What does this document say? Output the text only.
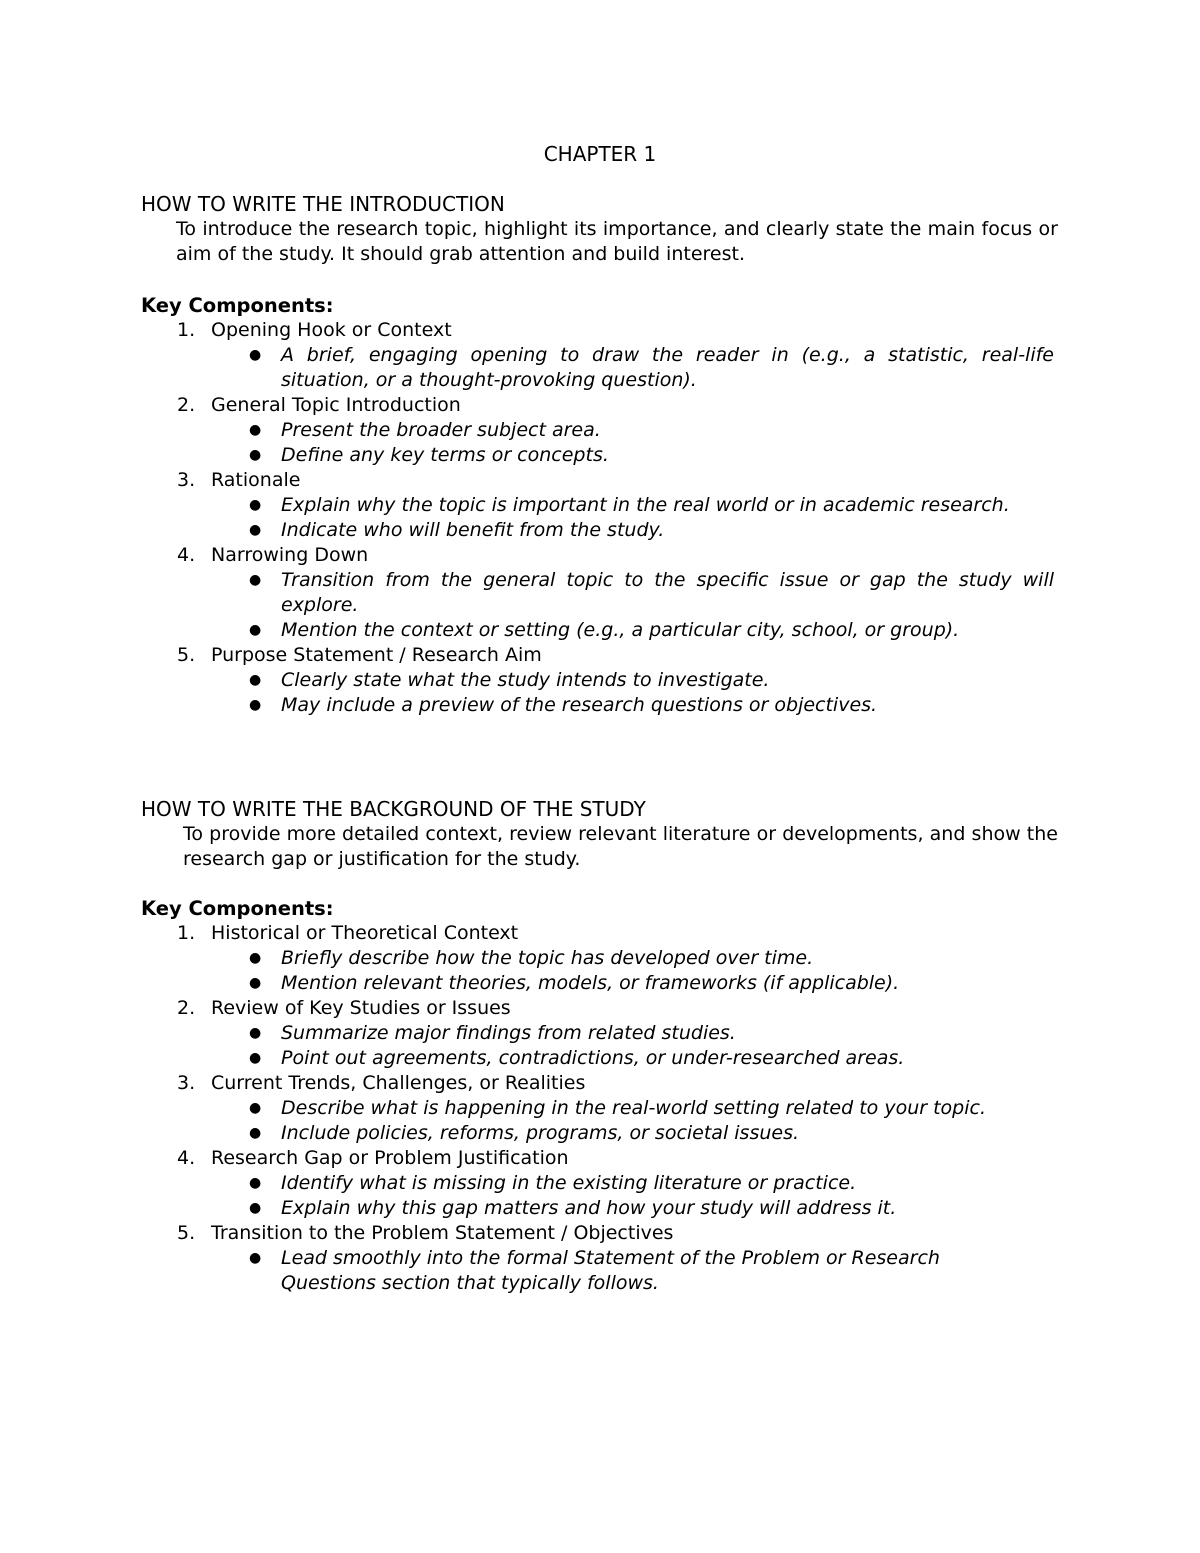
CHAPTER 1
HOW TO WRITE THE INTRODUCTION

To introduce the research topic, highlight its importance, and clearly state the main focus or aim of the study. It should grab attention and build interest.

Key Components:

1. Opening Hook or Context
● A brief, engaging opening to draw the reader in (e.g., a statistic, real-life situation, or a thought-provoking question).
2. General Topic Introduction
● Present the broader subject area.
● Define any key terms or concepts.
3. Rationale
● Explain why the topic is important in the real world or in academic research.
● Indicate who will benefit from the study.
4. Narrowing Down
● Transition from the general topic to the specific issue or gap the study will explore.
● Mention the context or setting (e.g., a particular city, school, or group).
5. Purpose Statement / Research Aim
● Clearly state what the study intends to investigate.
● May include a preview of the research questions or objectives.
HOW TO WRITE THE BACKGROUND OF THE STUDY

To provide more detailed context, review relevant literature or developments, and show the research gap or justification for the study.

Key Components:

1. Historical or Theoretical Context
● Briefly describe how the topic has developed over time.
● Mention relevant theories, models, or frameworks (if applicable).
2. Review of Key Studies or Issues
● Summarize major findings from related studies.
● Point out agreements, contradictions, or under-researched areas.
3. Current Trends, Challenges, or Realities
● Describe what is happening in the real-world setting related to your topic.
● Include policies, reforms, programs, or societal issues.
4. Research Gap or Problem Justification
● Identify what is missing in the existing literature or practice.
● Explain why this gap matters and how your study will address it.
5. Transition to the Problem Statement / Objectives
● Lead smoothly into the formal Statement of the Problem or Research Questions section that typically follows.
